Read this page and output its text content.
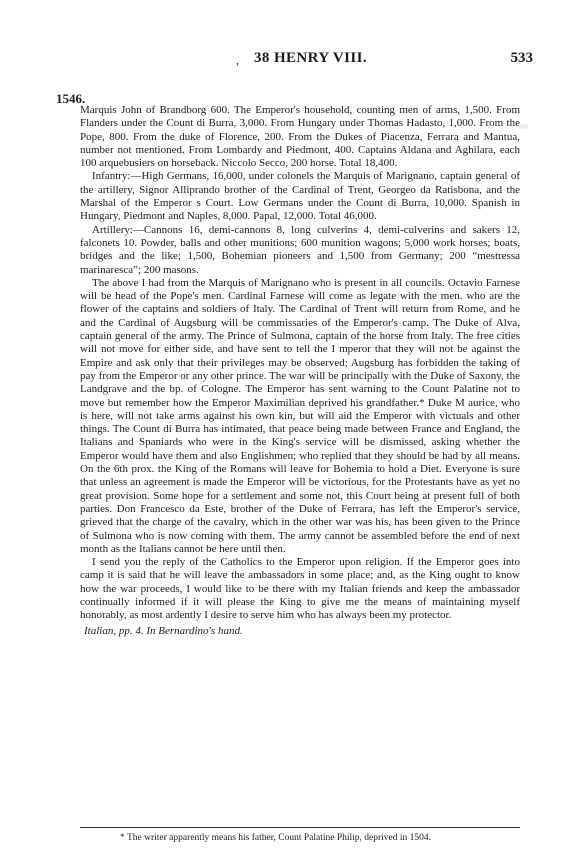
, 38 HENRY VIII.	533
1546.
▮

Marquis John of Brandborg 600. The Emperor's household, counting men of arms, 1,500. From Flanders under the Count di Burra, 3,000. From Hungary under Thomas Hadasto, 1,000. From the Pope, 800. From the duke of Florence, 200. From the Dukes of Piacenza, Ferrara and Mantua, number not mentioned. From Lombardy and Piedmont, 400. Captains Aldana and Aghilara, each 100 arquebusiers on horseback. Niccolo Secco, 200 horse. Total 18,400.

Infantry:—High Germans, 16,000, under colonels the Marquis of Marignano, captain general of the artillery, Signor Alliprando brother of the Cardinal of Trent, Georgeo da Ratisbona, and the Marshal of the Emperor s Court. Low Germans under the Count di Burra, 10,000. Spanish in Hungary, Piedmont and Naples, 8,000. Papal, 12,000. Total 46,000.

Artillery:—Cannons 16, demi-cannons 8, long culverins 4, demi-culverins and sakers 12, falconets 10. Powder, balls and other munitions; 600 munition wagons; 5,000 work horses; boats, bridges and the like; 1,500, Bohemian pioneers and 1,500 from Germany; 200 “mestressa marinaresca”; 200 masons.

The above I had from the Marquis of Marignano who is present in all councils. Octavio Farnese will be head of the Pope's men. Cardinal Farnese will come as legate with the men. who are the flower of the captains and soldiers of Italy. The Cardinal of Trent will return from Rome, and he and the Cardinal of Augsburg will be commissaries of the Emperor's camp. The Duke of Alva, captain general of the army. The Prince of Sulmona, captain of the horse from Italy. The free cities will not move for either side, and have sent to tell the I mperor that they will not be against the Empire and ask only that their privileges may be observed; Augsburg has forbidden the taking of pay from the Emperor or any other prince. The war will be principally with the Duke of Saxony, the Landgrave and the bp. of Cologne. The Emperor has sent warning to the Count Palatine not to move but remember how the Emperor Maximilian deprived his grandfather.* Duke M aurice, who is here, will not take arms against his own kin, but will aid the Emperor with victuals and other things. The Count di Burra has intimated, that peace being made between France and England, the Italians and Spaniards who were in the King's service will be dismissed, asking whether the Emperor would have them and also Englishmen; who replied that they should be had by all means. On the 6th prox. the King of the Romans will leave for Bohemia to hold a Diet. Everyone is sure that unless an agreement is made the Emperor will be victorious, for the Protestants have as yet no great provision. Some hope for a settlement and some not, this Court being at present full of both parties. Don Francesco da Este, brother of the Duke of Ferrara, has left the Emperor's service, grieved that the charge of the cavalry, which in the other war was his, has been given to the Prince of Sulmona who is now coming with them. The army cannot be assembled before the end of next month as the Italians cannot be here until then.

I send you the reply of the Catholics to the Emperor upon religion. If the Emperor goes into camp it is said that he will leave the ambassadors in some place; and, as the King ought to know how the war proceeds, I would like to be there with my Italian friends and keep the ambassador continually informed if it will please the King to give me the means of maintaining myself honorably, as most ardently I desire to serve him who has always been my protector.

Italian, pp. 4. In Bernardino's hand.

* The writer apparently means his father, Count Palatine Philip, deprived in 1504.
